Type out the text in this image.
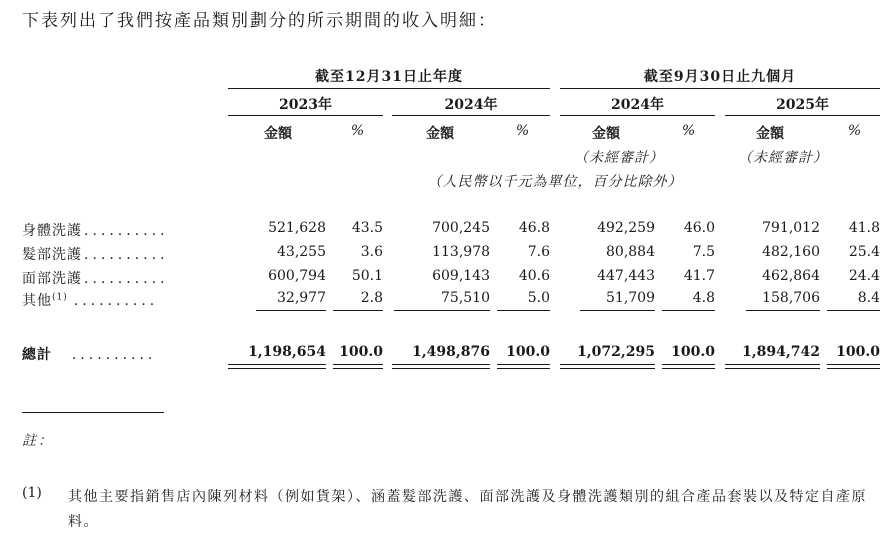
下表列出了我們按產品類別劃分的所示期間的收入明細：
截至12月31日止年度	截至9月30日止九個月
2023年	2024年	2024年	2025年
金額	%	金額	%	金額	%	金額	%
（未經審計）	（未經審計）
（人民幣以千元為單位，百分比除外）
身體洗護 ..........	521,628	43.5	700,245	46.8	492,259	46.0	791,012	41.8
髮部洗護 ..........	43,255	3.6	113,978	7.6	80,884	7.5	482,160	25.4
面部洗護 ..........	600,794	50.1	609,143	40.6	447,443	41.7	462,864	24.4
其他$^{(1)}$ ..........	32,977	2.8	75,510	5.0	51,709	4.8	158,706	8.4
總計 ..........	1,198,654 100.0	1,498,876	100.0	1,072,295	100.0	1,894,742	100.0
註：
(1) 其他主要指銷售店內陳列材料（例如貨架）、涵蓋髮部洗護、面部洗護及身體洗護類別的組合產品套裝以及特定自產原料。
